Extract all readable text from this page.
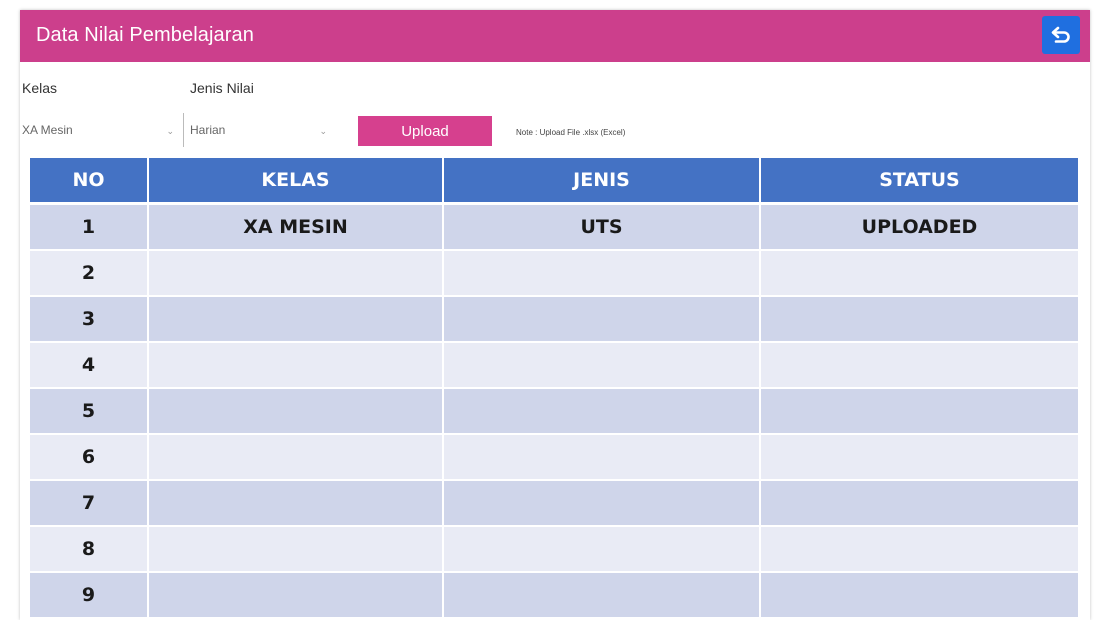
Data Nilai Pembelajaran
Kelas	Jenis Nilai
XA Mesin	⌄ Harian	⌄	Upload	Note : Upload File .xlsx (Excel)
NO	KELAS	JENIS	STATUS
1	XA MESIN	UTS	UPLOADED
2			
3			
4			
5			
6			
7			
8			
9			
